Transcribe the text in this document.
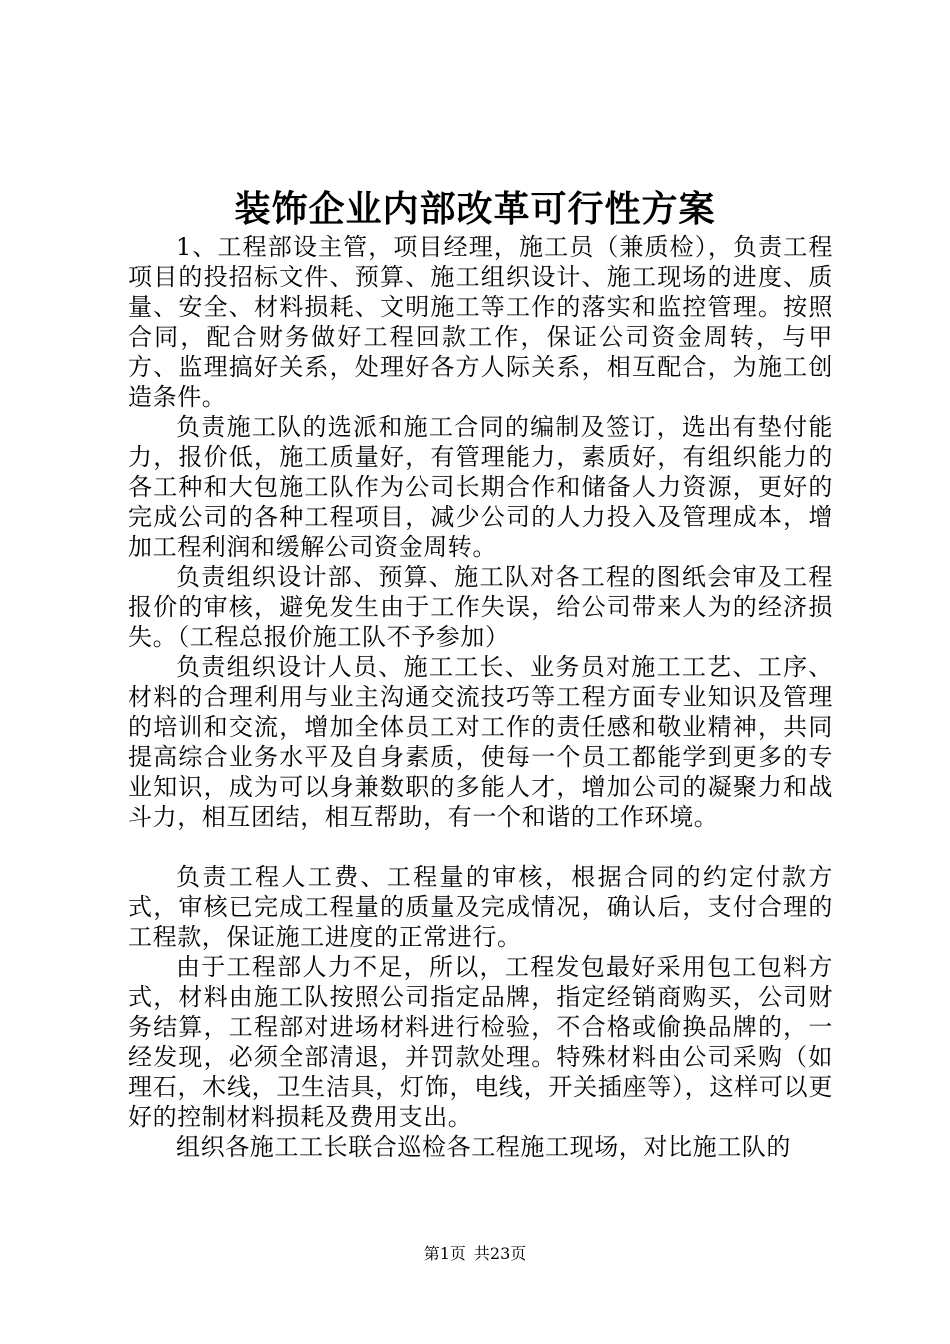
装饰企业内部改革可行性方案

1、工程部设主管，项目经理，施工员（兼质检），负责工程项目的投招标文件、预算、施工组织设计、施工现场的进度、质量、安全、材料损耗、文明施工等工作的落实和监控管理。按照合同，配合财务做好工程回款工作，保证公司资金周转，与甲方、监理搞好关系，处理好各方人际关系，相互配合，为施工创造条件。

负责施工队的选派和施工合同的编制及签订，选出有垫付能力，报价低，施工质量好，有管理能力，素质好，有组织能力的各工种和大包施工队作为公司长期合作和储备人力资源，更好的完成公司的各种工程项目，减少公司的人力投入及管理成本，增加工程利润和缓解公司资金周转。

负责组织设计部、预算、施工队对各工程的图纸会审及工程报价的审核，避免发生由于工作失误，给公司带来人为的经济损失。（工程总报价施工队不予参加）

负责组织设计人员、施工工长、业务员对施工工艺、工序、材料的合理利用与业主沟通交流技巧等工程方面专业知识及管理的培训和交流，增加全体员工对工作的责任感和敬业精神，共同提高综合业务水平及自身素质，使每一个员工都能学到更多的专业知识，成为可以身兼数职的多能人才，增加公司的凝聚力和战斗力，相互团结，相互帮助，有一个和谐的工作环境。

负责工程人工费、工程量的审核，根据合同的约定付款方式，审核已完成工程量的质量及完成情况，确认后，支付合理的工程款，保证施工进度的正常进行。

由于工程部人力不足，所以，工程发包最好采用包工包料方式，材料由施工队按照公司指定品牌，指定经销商购买，公司财务结算，工程部对进场材料进行检验，不合格或偷换品牌的，一经发现，必须全部清退，并罚款处理。特殊材料由公司采购（如理石，木线，卫生洁具，灯饰，电线，开关插座等），这样可以更好的控制材料损耗及费用支出。

组织各施工工长联合巡检各工程施工现场，对比施工队的

第1页 共23页
